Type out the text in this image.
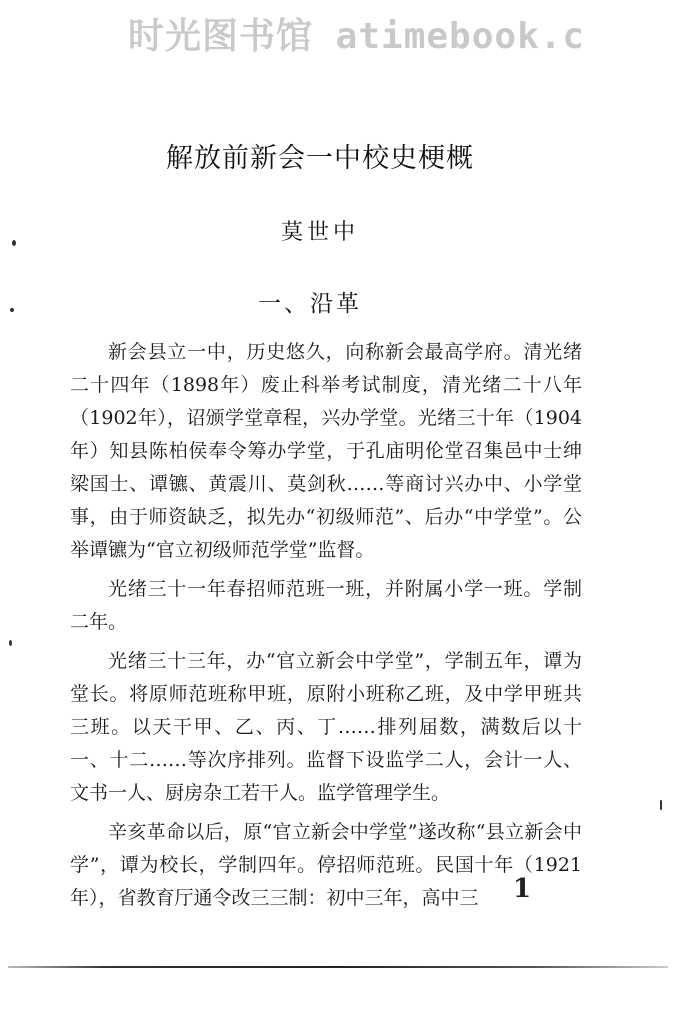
时光图书馆 atimebook.c
解放前新会一中校史梗概
莫世中
一、沿革

新会县立一中，历史悠久，向称新会最高学府。清光绪二十四年（1898年）废止科举考试制度，清光绪二十八年（1902年），诏颁学堂章程，兴办学堂。光绪三十年（1904年）知县陈柏侯奉令筹办学堂，于孔庙明伦堂召集邑中士绅梁国士、谭镳、黄震川、莫剑秋……等商讨兴办中、小学堂事，由于师资缺乏，拟先办“初级师范”、后办“中学堂”。公举谭镳为“官立初级师范学堂”监督。

光绪三十一年春招师范班一班，并附属小学一班。学制二年。

光绪三十三年，办“官立新会中学堂”，学制五年，谭为堂长。将原师范班称甲班，原附小班称乙班，及中学甲班共三班。以天干甲、乙、丙、丁……排列届数，满数后以十一、十二……等次序排列。监督下设监学二人，会计一人、文书一人、厨房杂工若干人。监学管理学生。

辛亥革命以后，原“官立新会中学堂”遂改称“县立新会中学”，谭为校长，学制四年。停招师范班。民国十年（1921年），省教育厅通令改三三制：初中三年，高中三	1
